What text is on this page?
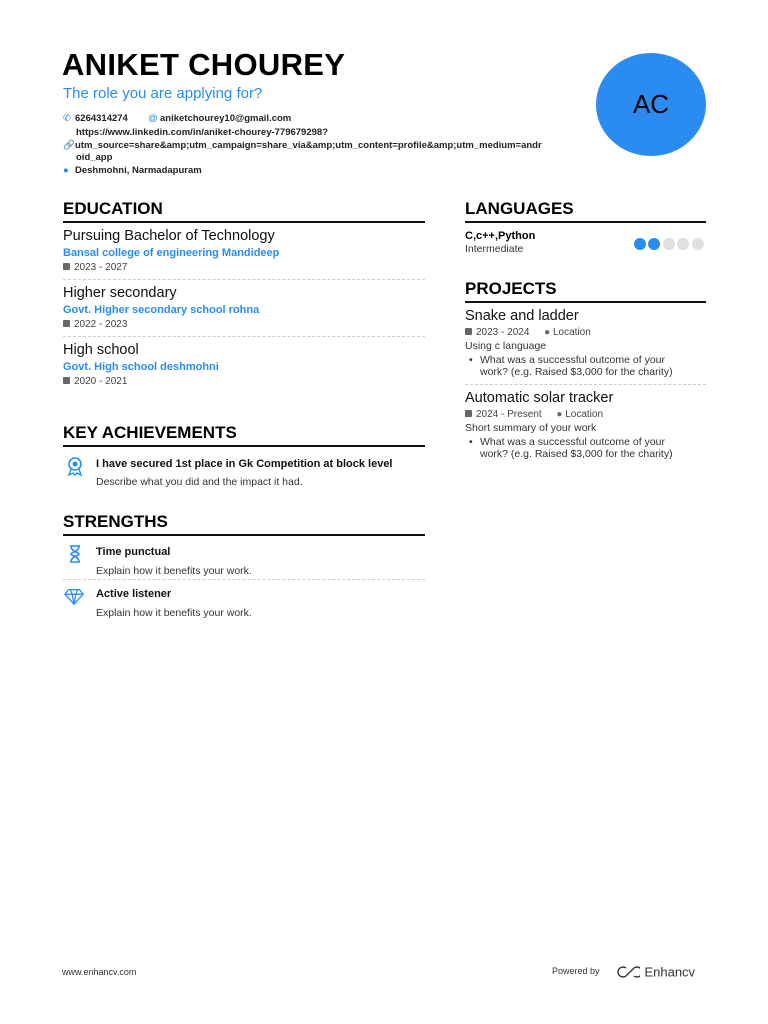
ANIKET CHOUREY
The role you are applying for?
✆ 6264314274 @ aniketchourey10@gmail.com
https://www.linkedin.com/in/aniket-chourey-779679298?
🔗utm_source=share&amp;utm_campaign=share_via&amp;utm_content=profile&amp;utm_medium=andr
oid_app
● Deshmohni, Narmadapuram
AC
EDUCATION
Pursuing Bachelor of Technology
Bansal college of engineering Mandideep
2023 - 2027
Higher secondary
Govt. Higher secondary school rohna
2022 - 2023
High school
Govt. High school deshmohni
2020 - 2021
KEY ACHIEVEMENTS
I have secured 1st place in Gk Competition at block level
Describe what you did and the impact it had.
STRENGTHS
Time punctual
Explain how it benefits your work.
Active listener
Explain how it benefits your work.
LANGUAGES
C,c++,Python
Intermediate
PROJECTS
Snake and ladder
2023 - 2024 ● Location
Using c language
• What was a successful outcome of your
work? (e.g. Raised $3,000 for the charity)
Automatic solar tracker
2024 - Present ● Location
Short summary of your work
• What was a successful outcome of your
work? (e.g. Raised $3,000 for the charity)
www.enhancv.com	Powered by	Enhancv
